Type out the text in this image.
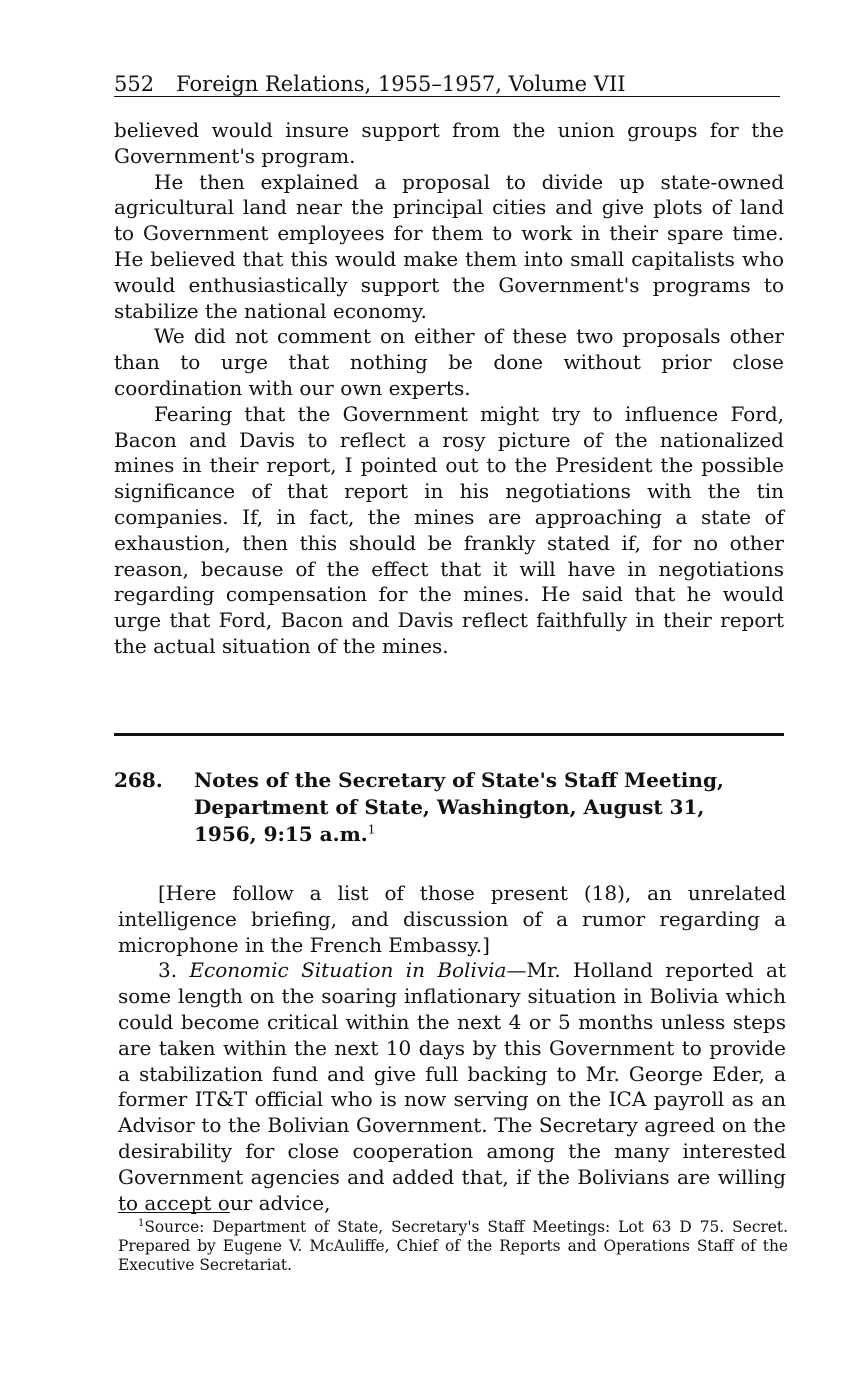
552 Foreign Relations, 1955–1957, Volume VII

believed would insure support from the union groups for the Government's program.

He then explained a proposal to divide up state-owned agricultural land near the principal cities and give plots of land to Government employees for them to work in their spare time. He believed that this would make them into small capitalists who would enthusiastically support the Government's programs to stabilize the national economy.

We did not comment on either of these two proposals other than to urge that nothing be done without prior close coordination with our own experts.

Fearing that the Government might try to influence Ford, Bacon and Davis to reflect a rosy picture of the nationalized mines in their report, I pointed out to the President the possible significance of that report in his negotiations with the tin companies. If, in fact, the mines are approaching a state of exhaustion, then this should be frankly stated if, for no other reason, because of the effect that it will have in negotiations regarding compensation for the mines. He said that he would urge that Ford, Bacon and Davis reflect faithfully in their report the actual situation of the mines.

268. Notes of the Secretary of State's Staff Meeting, Department of State, Washington, August 31, 1956, 9:15 a.m.$^1$

[Here follow a list of those present (18), an unrelated intelligence briefing, and discussion of a rumor regarding a microphone in the French Embassy.]

3. Economic Situation in Bolivia—Mr. Holland reported at some length on the soaring inflationary situation in Bolivia which could become critical within the next 4 or 5 months unless steps are taken within the next 10 days by this Government to provide a stabilization fund and give full backing to Mr. George Eder, a former IT&T official who is now serving on the ICA payroll as an Advisor to the Bolivian Government. The Secretary agreed on the desirability for close cooperation among the many interested Government agencies and added that, if the Bolivians are willing to accept our advice,

$^1$Source: Department of State, Secretary's Staff Meetings: Lot 63 D 75. Secret. Prepared by Eugene V. McAuliffe, Chief of the Reports and Operations Staff of the Executive Secretariat.
